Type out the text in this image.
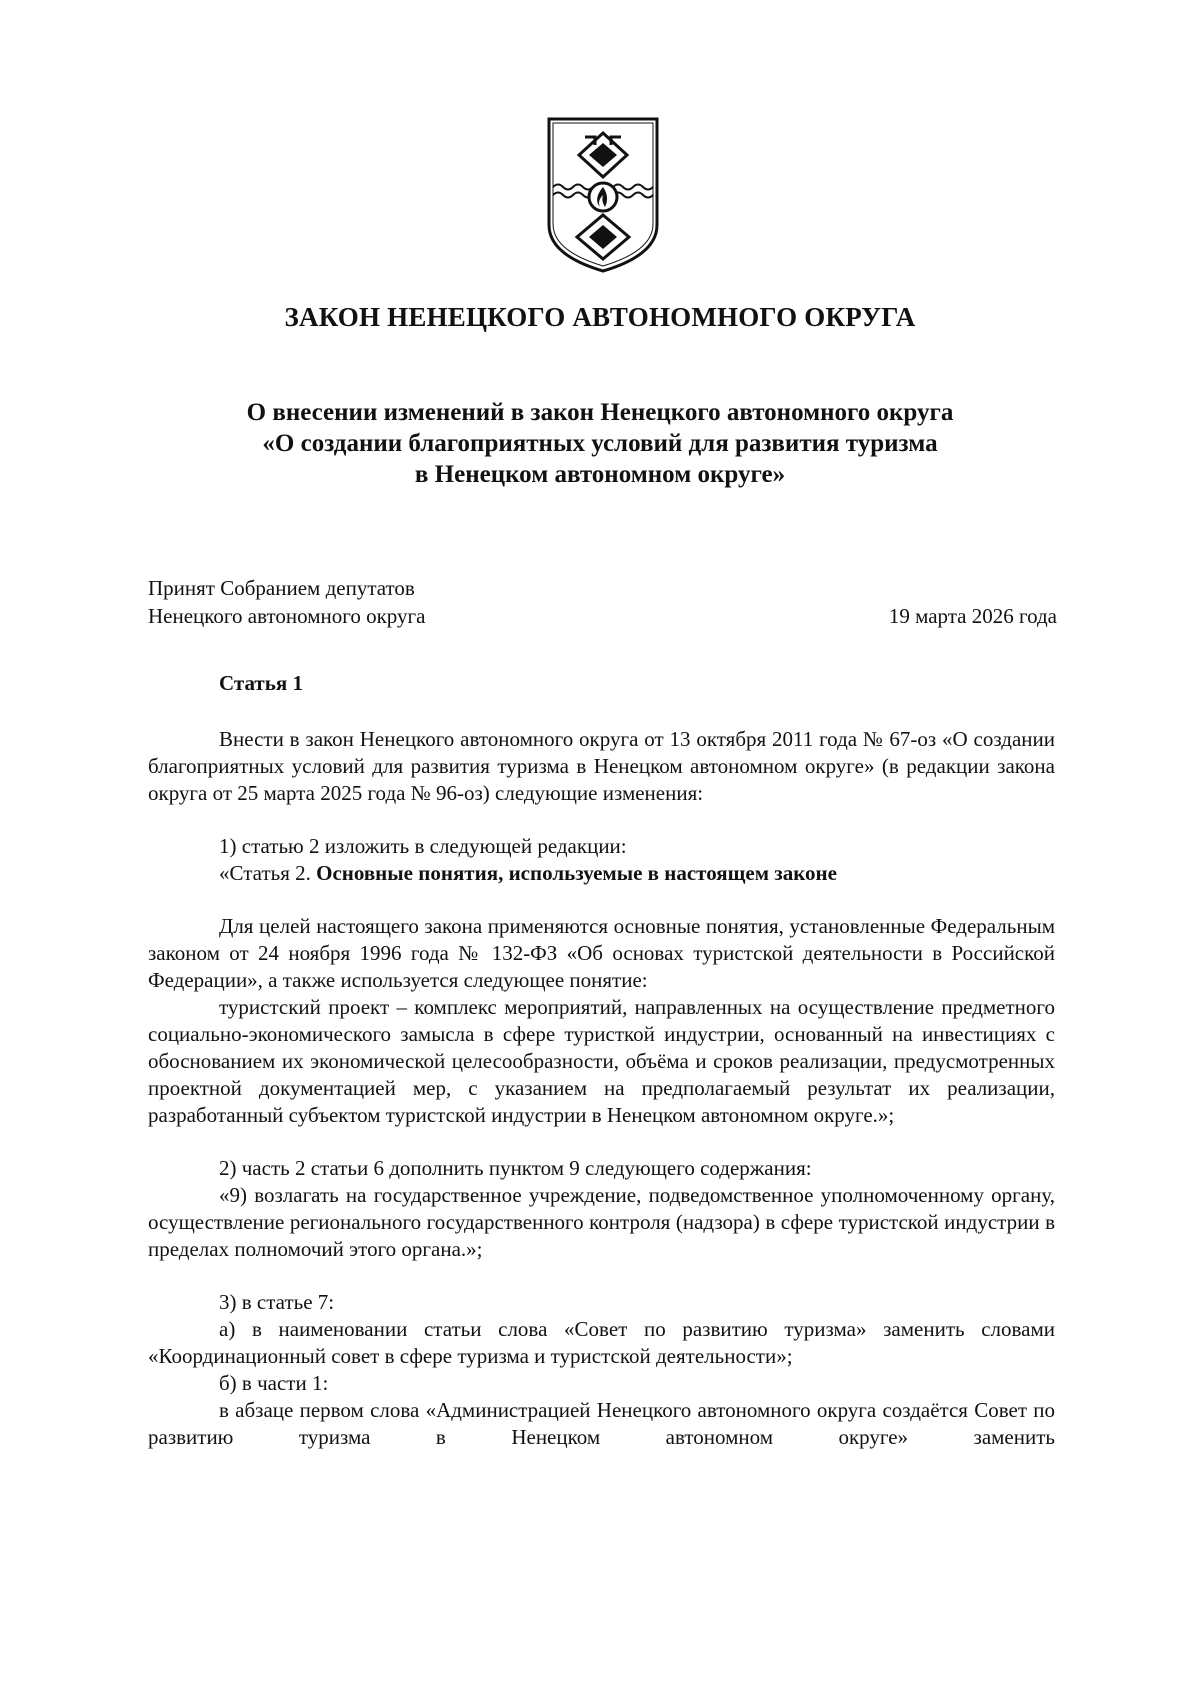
ЗАКОН НЕНЕЦКОГО АВТОНОМНОГО ОКРУГА
О внесении изменений в закон Ненецкого автономного округа
«О создании благоприятных условий для развития туризма
в Ненецком автономном округе»
Принят Собранием депутатов
Ненецкого автономного округа	19 марта 2026 года
Статья 1

Внести в закон Ненецкого автономного округа от 13 октября 2011 года № 67-оз «О создании благоприятных условий для развития туризма в Ненецком автономном округе» (в редакции закона округа от 25 марта 2025 года № 96-оз) следующие изменения:

1) статью 2 изложить в следующей редакции:

«Статья 2. Основные понятия, используемые в настоящем законе

Для целей настоящего закона применяются основные понятия, установленные Федеральным законом от 24 ноября 1996 года № 132-ФЗ «Об основах туристской деятельности в Российской Федерации», а также используется следующее понятие:

туристский проект – комплекс мероприятий, направленных на осуществление предметного социально-экономического замысла в сфере туристкой индустрии, основанный на инвестициях с обоснованием их экономической целесообразности, объёма и сроков реализации, предусмотренных проектной документацией мер, с указанием на предполагаемый результат их реализации, разработанный субъектом туристской индустрии в Ненецком автономном округе.»;

2) часть 2 статьи 6 дополнить пунктом 9 следующего содержания:

«9) возлагать на государственное учреждение, подведомственное уполномоченному органу, осуществление регионального государственного контроля (надзора) в сфере туристской индустрии в пределах полномочий этого органа.»;

3) в статье 7:

а) в наименовании статьи слова «Совет по развитию туризма» заменить словами «Координационный совет в сфере туризма и туристской деятельности»;

б) в части 1:

в абзаце первом слова «Администрацией Ненецкого автономного округа создаётся Совет по развитию туризма в Ненецком автономном округе» заменить
